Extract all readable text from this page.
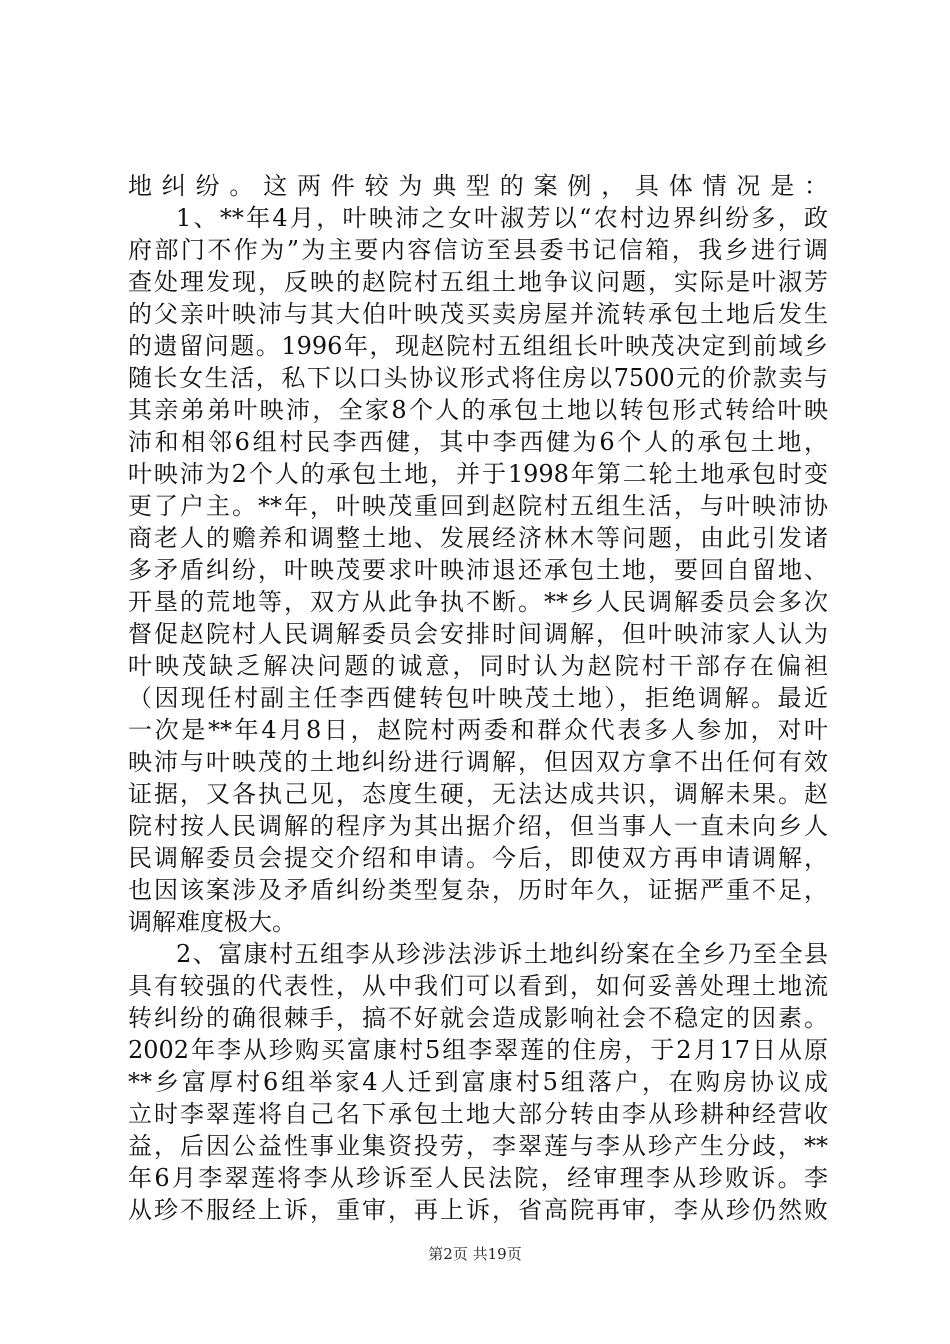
地纠纷。这两件较为典型的案例，具体情况是：
1、**年4月，叶映沛之女叶淑芳以“农村边界纠纷多，政
府部门不作为”为主要内容信访至县委书记信箱，我乡进行调
查处理发现，反映的赵院村五组土地争议问题，实际是叶淑芳
的父亲叶映沛与其大伯叶映茂买卖房屋并流转承包土地后发生
的遗留问题。1996年，现赵院村五组组长叶映茂决定到前域乡
随长女生活，私下以口头协议形式将住房以7500元的价款卖与
其亲弟弟叶映沛，全家8个人的承包土地以转包形式转给叶映
沛和相邻6组村民李西健，其中李西健为6个人的承包土地，
叶映沛为2个人的承包土地，并于1998年第二轮土地承包时变
更了户主。**年，叶映茂重回到赵院村五组生活，与叶映沛协
商老人的赡养和调整土地、发展经济林木等问题，由此引发诸
多矛盾纠纷，叶映茂要求叶映沛退还承包土地，要回自留地、
开垦的荒地等，双方从此争执不断。**乡人民调解委员会多次
督促赵院村人民调解委员会安排时间调解，但叶映沛家人认为
叶映茂缺乏解决问题的诚意，同时认为赵院村干部存在偏袒
（因现任村副主任李西健转包叶映茂土地），拒绝调解。最近
一次是**年4月8日，赵院村两委和群众代表多人参加，对叶
映沛与叶映茂的土地纠纷进行调解，但因双方拿不出任何有效
证据，又各执己见，态度生硬，无法达成共识，调解未果。赵
院村按人民调解的程序为其出据介绍，但当事人一直未向乡人
民调解委员会提交介绍和申请。今后，即使双方再申请调解，
也因该案涉及矛盾纠纷类型复杂，历时年久，证据严重不足，
调解难度极大。
2、富康村五组李从珍涉法涉诉土地纠纷案在全乡乃至全县
具有较强的代表性，从中我们可以看到，如何妥善处理土地流
转纠纷的确很棘手，搞不好就会造成影响社会不稳定的因素。
2002年李从珍购买富康村5组李翠莲的住房，于2月17日从原
**乡富厚村6组举家4人迁到富康村5组落户，在购房协议成
立时李翠莲将自己名下承包土地大部分转由李从珍耕种经营收
益，后因公益性事业集资投劳，李翠莲与李从珍产生分歧，**
年6月李翠莲将李从珍诉至人民法院，经审理李从珍败诉。李
从珍不服经上诉，重审，再上诉，省高院再审，李从珍仍然败
第2页 共19页
